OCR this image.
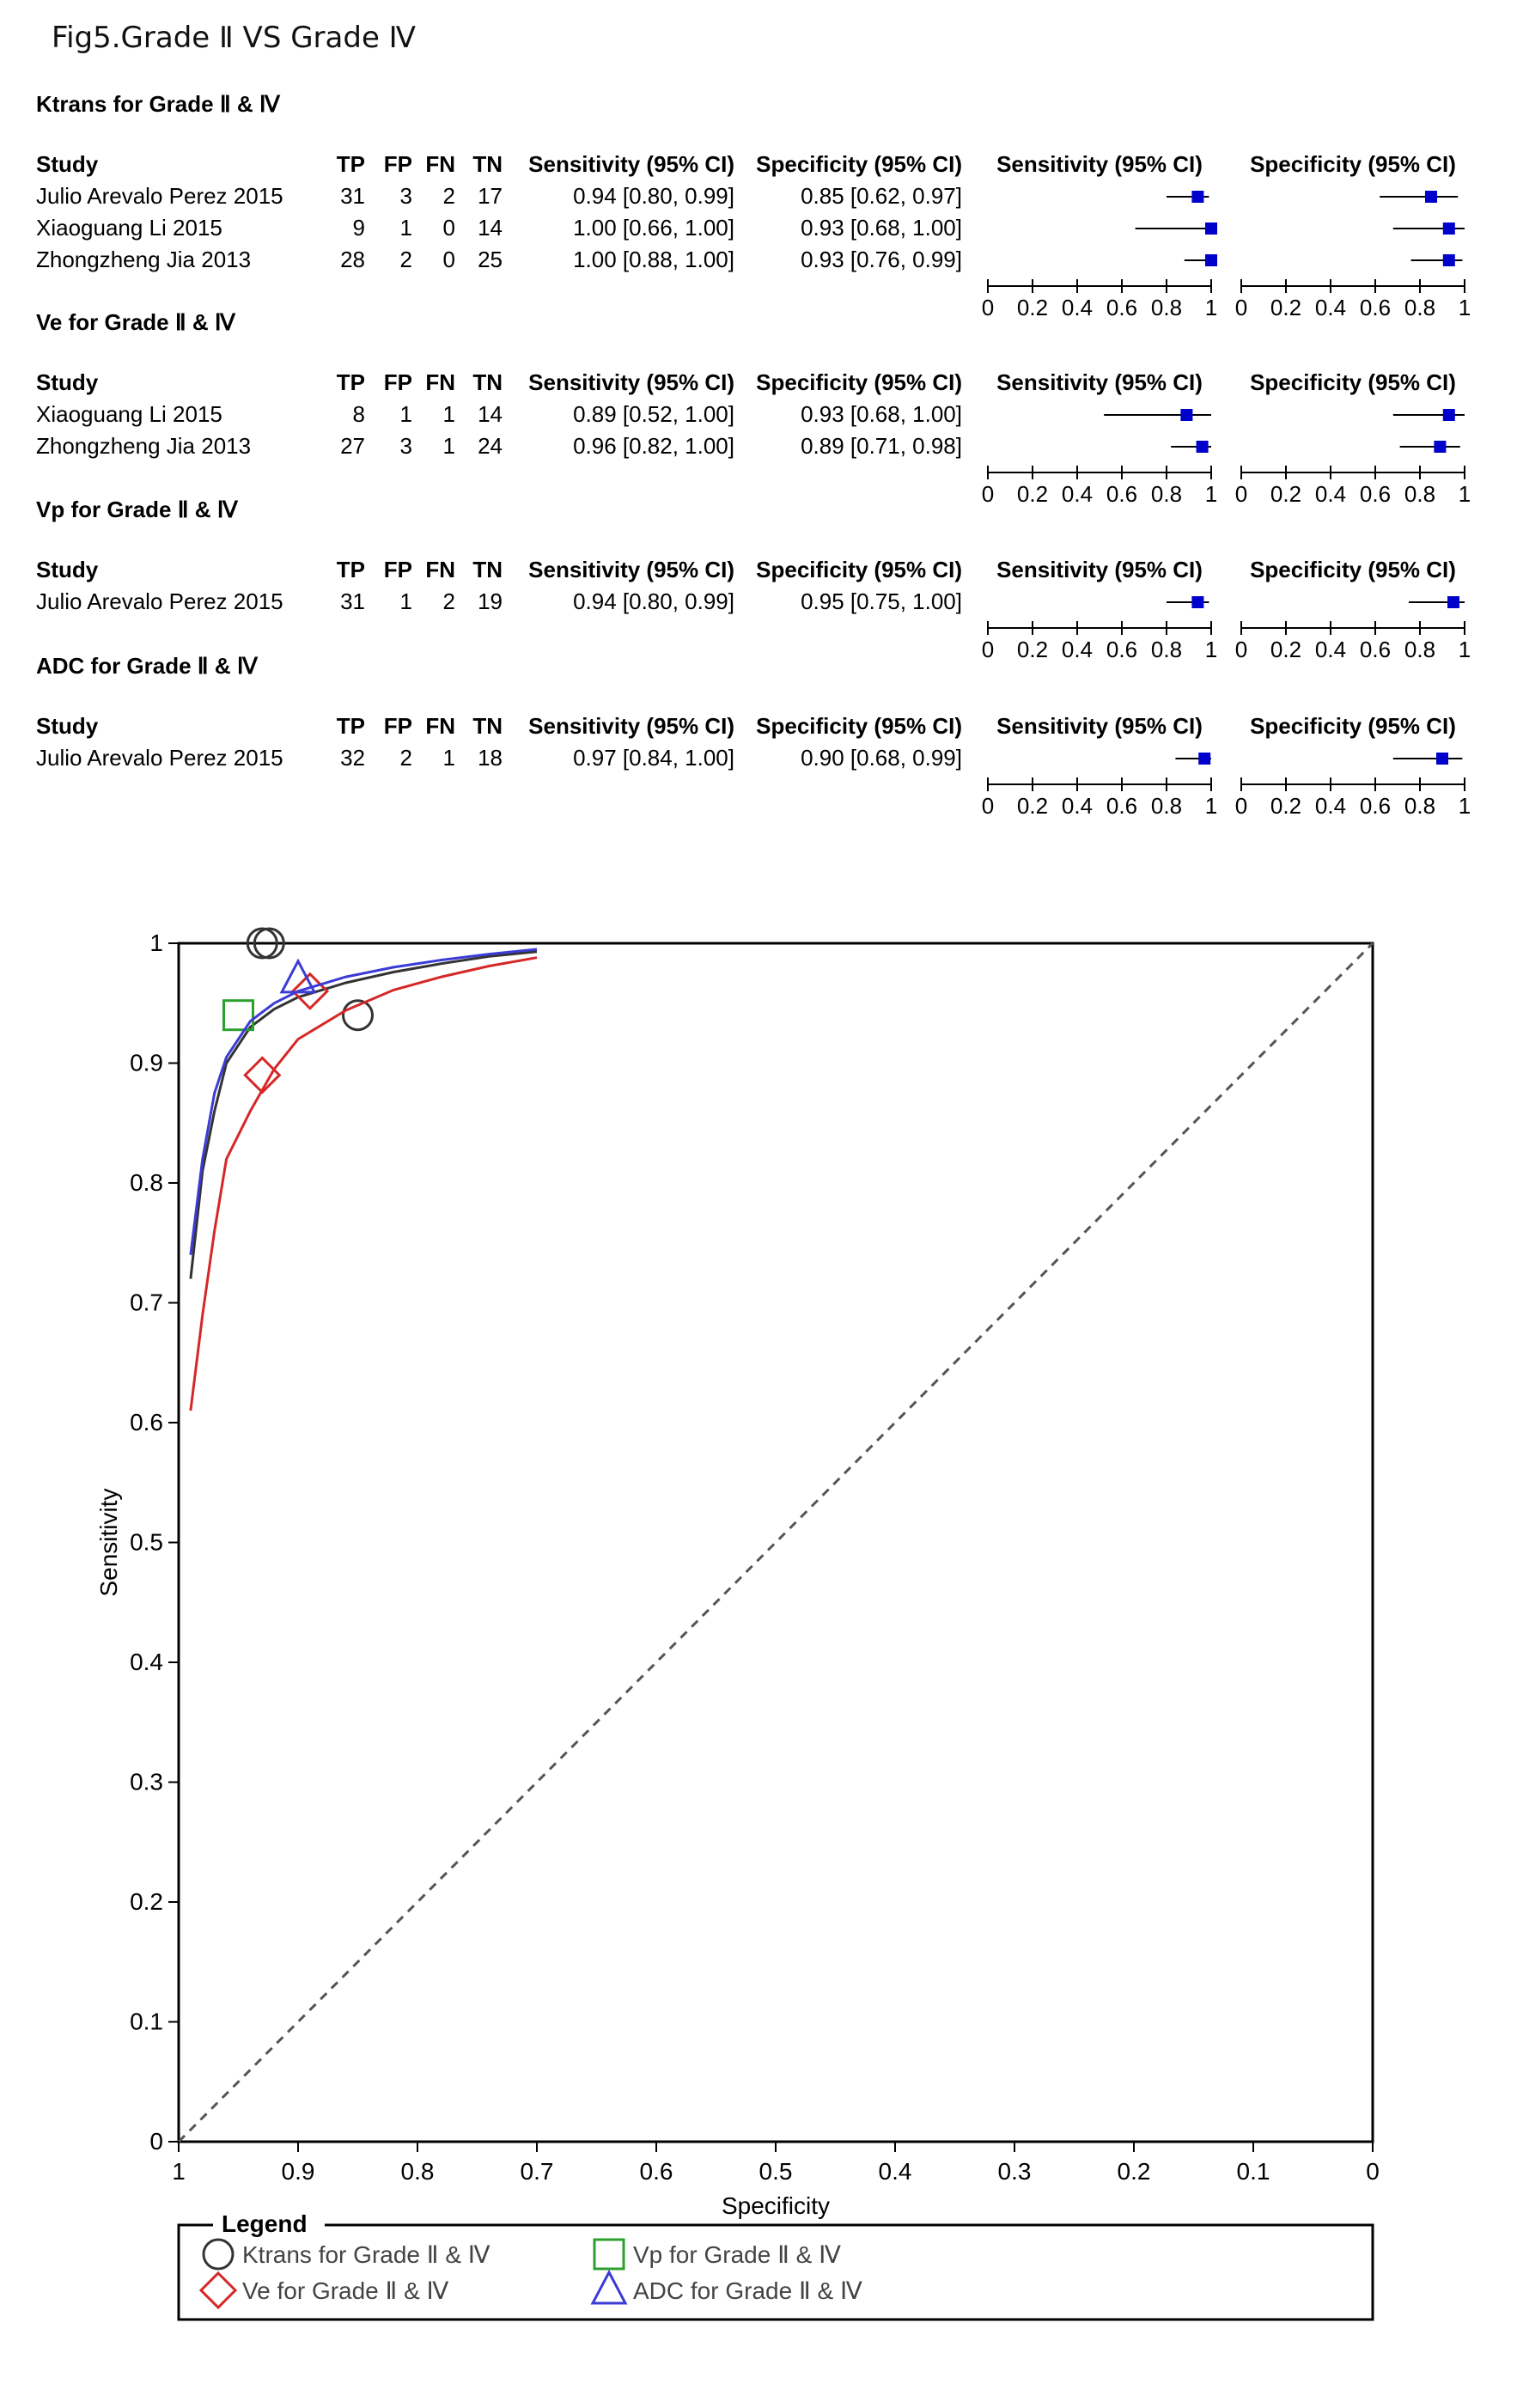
Fig5.Grade Ⅱ VS Grade Ⅳ
Ktrans for Grade Ⅱ & Ⅳ
Study	TP FP FN TN Sensitivity (95% CI) Specificity (95% CI) Sensitivity (95% CI) Specificity (95% CI)
Julio Arevalo Perez 2015	31 3 2 17	0.94 [0.80, 0.99]	0.85 [0.62, 0.97]
Xiaoguang Li 2015	9 1 0 14	1.00 [0.66, 1.00]	0.93 [0.68, 1.00]
Zhongzheng Jia 2013	28 2 0 25	1.00 [0.88, 1.00]	0.93 [0.76, 0.99]
0 0.2 0.4 0.6 0.8 1 0 0.2 0.4 0.6 0.8 1
Ve for Grade Ⅱ & Ⅳ
Study	TP FP FN TN Sensitivity (95% CI) Specificity (95% CI) Sensitivity (95% CI) Specificity (95% CI)
Xiaoguang Li 2015	8 1 1 14	0.89 [0.52, 1.00]	0.93 [0.68, 1.00]
Zhongzheng Jia 2013	27 3 1 24	0.96 [0.82, 1.00]	0.89 [0.71, 0.98]
0 0.2 0.4 0.6 0.8 1 0 0.2 0.4 0.6 0.8 1
Vp for Grade Ⅱ & Ⅳ
Study	TP FP FN TN Sensitivity (95% CI) Specificity (95% CI) Sensitivity (95% CI) Specificity (95% CI)
Julio Arevalo Perez 2015	31 1 2 19	0.94 [0.80, 0.99]	0.95 [0.75, 1.00]
0 0.2 0.4 0.6 0.8 1 0 0.2 0.4 0.6 0.8 1
ADC for Grade Ⅱ & Ⅳ
Study	TP FP FN TN Sensitivity (95% CI) Specificity (95% CI) Sensitivity (95% CI) Specificity (95% CI)
Julio Arevalo Perez 2015	32 2 1 18	0.97 [0.84, 1.00]	0.90 [0.68, 0.99]
0 0.2 0.4 0.6 0.8 1 0 0.2 0.4 0.6 0.8 1
0
0.1
0.2
0.3
0.4
0.5
0.6
0.7
0.8
0.9
1
1	0.9	0.8	0.7	0.6	0.5	0.4	0.3	0.2	0.1	0
Specificity
Sensitivity
Legend
Ktrans for Grade Ⅱ & Ⅳ
Ve for Grade Ⅱ & Ⅳ
Vp for Grade Ⅱ & Ⅳ
ADC for Grade Ⅱ & Ⅳ
